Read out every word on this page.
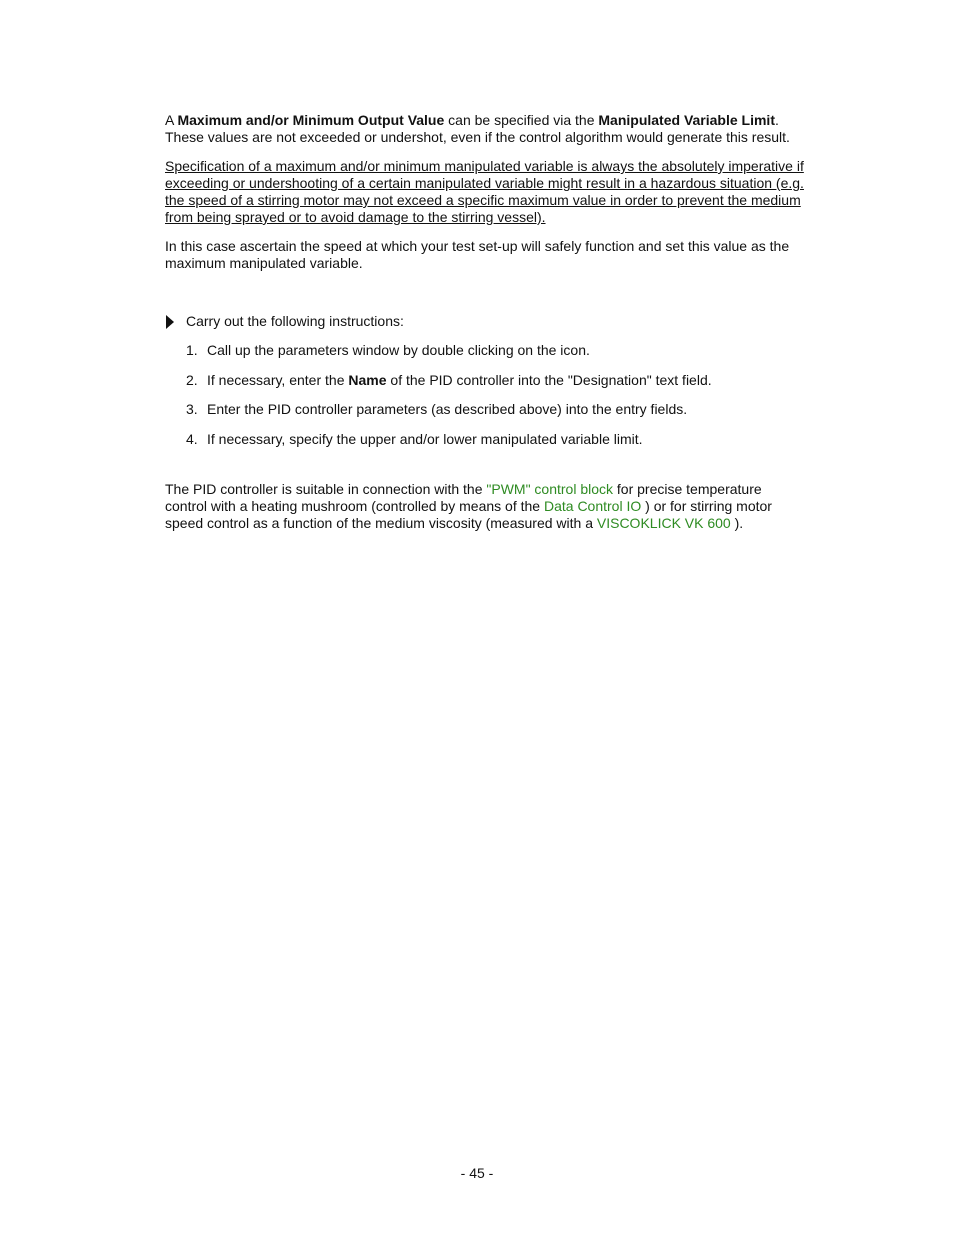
A Maximum and/or Minimum Output Value can be specified via the Manipulated Variable Limit. These values are not exceeded or undershot, even if the control algorithm would generate this result.

Specification of a maximum and/or minimum manipulated variable is always the absolutely imperative if exceeding or undershooting of a certain manipulated variable might result in a hazardous situation (e.g. the speed of a stirring motor may not exceed a specific maximum value in order to prevent the medium from being sprayed or to avoid damage to the stirring vessel).

In this case ascertain the speed at which your test set-up will safely function and set this value as the maximum manipulated variable.

Carry out the following instructions:
1. Call up the parameters window by double clicking on the icon.
2. If necessary, enter the Name of the PID controller into the "Designation" text field.
3. Enter the PID controller parameters (as described above) into the entry fields.
4. If necessary, specify the upper and/or lower manipulated variable limit.

The PID controller is suitable in connection with the "PWM" control block for precise temperature control with a heating mushroom (controlled by means of the Data Control IO ) or for stirring motor speed control as a function of the medium viscosity (measured with a VISCOKLICK VK 600 ).

- 45 -
